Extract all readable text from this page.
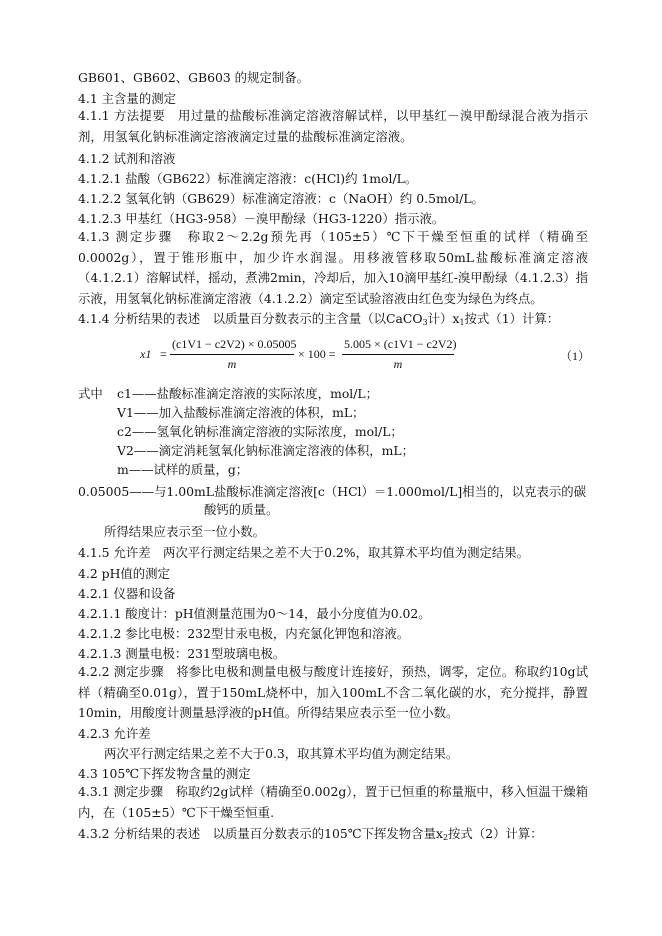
GB601、GB602、GB603 的规定制备。
4.1 主含量的测定
4.1.1 方法提要　用过量的盐酸标准滴定溶液溶解试样，以甲基红－溴甲酚绿混合液为指示剂，用氢氧化钠标准滴定溶液滴定过量的盐酸标准滴定溶液。
4.1.2 试剂和溶液
4.1.2.1 盐酸（GB622）标准滴定溶液：c(HCl)约 1mol/L。
4.1.2.2 氢氧化钠（GB629）标准滴定溶液：c（NaOH）约 0.5mol/L。
4.1.2.3 甲基红（HG3-958）－溴甲酚绿（HG3-1220）指示液。
4.1.3 测定步骤　称取2～2.2g预先再（105±5）℃下干燥至恒重的试样（精确至0.0002g），置于锥形瓶中，加少许水润湿。用移液管移取50mL盐酸标准滴定溶液（4.1.2.1）溶解试样，摇动，煮沸2min，冷却后，加入10滴甲基红-溴甲酚绿（4.1.2.3）指示液，用氢氧化钠标准滴定溶液（4.1.2.2）滴定至试验溶液由红色变为绿色为终点。
4.1.4 分析结果的表述　以质量百分数表示的主含量（以CaCO$_3$计）$x_1$按式（1）计算：
$x1 = \frac{(c1V1 - c2V2) \times 0.05005}{m} \times 100 = \frac{5.005 \times (c1V1 - c2V2)}{m}$	（1）
式中 c1——盐酸标准滴定溶液的实际浓度，mol/L；
V1——加入盐酸标准滴定溶液的体积，mL；
c2——氢氧化钠标准滴定溶液的实际浓度，mol/L；
V2——滴定消耗氢氧化钠标准滴定溶液的体积，mL；
m——试样的质量，g；
0.05005——与1.00mL盐酸标准滴定溶液[c（HCl）＝1.000mol/L]相当的，以克表示的碳
酸钙的质量。
所得结果应表示至一位小数。
4.1.5 允许差　两次平行测定结果之差不大于0.2%，取其算术平均值为测定结果。
4.2 pH值的测定
4.2.1 仪器和设备
4.2.1.1 酸度计：pH值测量范围为0～14，最小分度值为0.02。
4.2.1.2 参比电极：232型甘汞电极，内充氯化钾饱和溶液。
4.2.1.3 测量电极：231型玻璃电极。
4.2.2 测定步骤　将参比电极和测量电极与酸度计连接好，预热，调零，定位。称取约10g试样（精确至0.01g），置于150mL烧杯中，加入100mL不含二氧化碳的水，充分搅拌，静置10min，用酸度计测量悬浮液的pH值。所得结果应表示至一位小数。
4.2.3 允许差
两次平行测定结果之差不大于0.3，取其算术平均值为测定结果。
4.3 105℃下挥发物含量的测定
4.3.1 测定步骤　称取约2g试样（精确至0.002g），置于已恒重的称量瓶中，移入恒温干燥箱内，在（105±5）℃下干燥至恒重.
4.3.2 分析结果的表述　以质量百分数表示的105℃下挥发物含量$x_2$按式（2）计算：
